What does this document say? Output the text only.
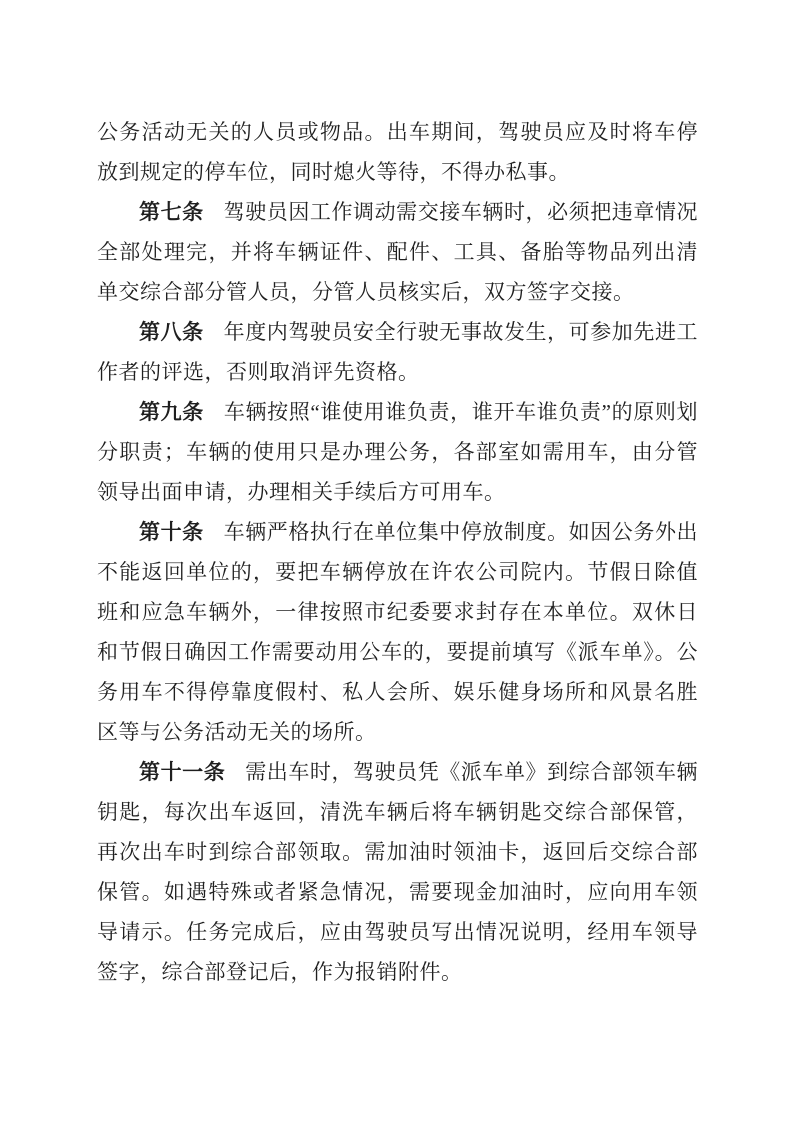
公务活动无关的人员或物品。出车期间，驾驶员应及时将车停放到规定的停车位，同时熄火等待，不得办私事。

第七条 驾驶员因工作调动需交接车辆时，必须把违章情况全部处理完，并将车辆证件、配件、工具、备胎等物品列出清单交综合部分管人员，分管人员核实后，双方签字交接。

第八条 年度内驾驶员安全行驶无事故发生，可参加先进工作者的评选，否则取消评先资格。

第九条 车辆按照“谁使用谁负责，谁开车谁负责”的原则划分职责；车辆的使用只是办理公务，各部室如需用车，由分管领导出面申请，办理相关手续后方可用车。

第十条 车辆严格执行在单位集中停放制度。如因公务外出不能返回单位的，要把车辆停放在许农公司院内。节假日除值班和应急车辆外，一律按照市纪委要求封存在本单位。双休日和节假日确因工作需要动用公车的，要提前填写《派车单》。公务用车不得停靠度假村、私人会所、娱乐健身场所和风景名胜区等与公务活动无关的场所。

第十一条 需出车时，驾驶员凭《派车单》到综合部领车辆钥匙，每次出车返回，清洗车辆后将车辆钥匙交综合部保管，再次出车时到综合部领取。需加油时领油卡，返回后交综合部保管。如遇特殊或者紧急情况，需要现金加油时，应向用车领导请示。任务完成后，应由驾驶员写出情况说明，经用车领导签字，综合部登记后，作为报销附件。
